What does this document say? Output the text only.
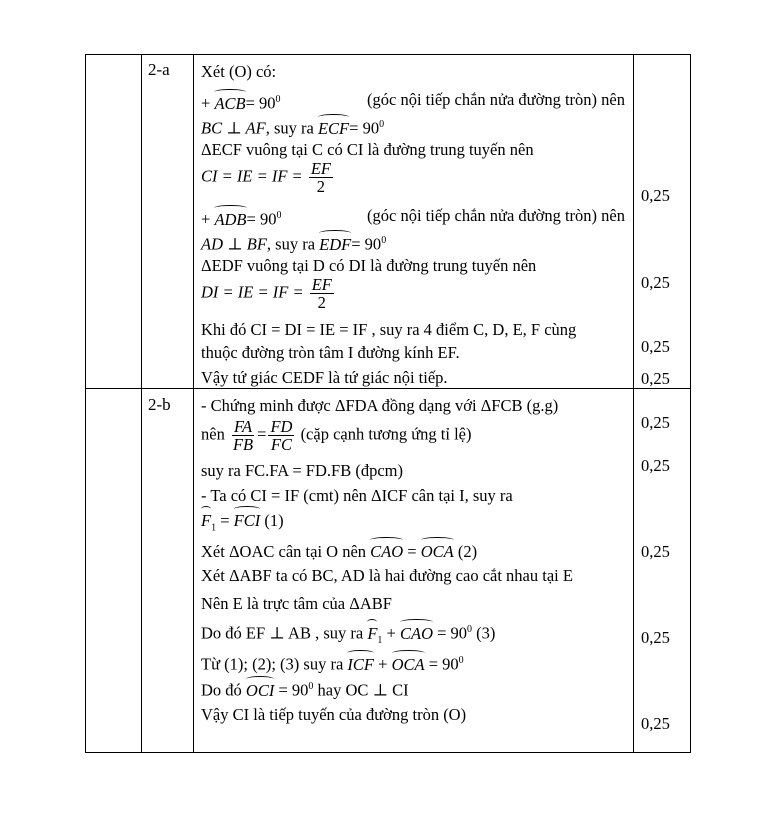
2-a Xét (O) có:
+ $ACB= 90^0$	(góc nội tiếp chắn nửa đường tròn) nên
BC ⊥ AF, suy ra $ECF= 90^0$
ΔECF vuông tại C có CI là đường trung tuyến nên
CI = IE = IF = $\frac{EF}{2}$
+ $ADB= 90^0$	(góc nội tiếp chắn nửa đường tròn) nên
AD ⊥ BF, suy ra $EDF= 90^0$
ΔEDF vuông tại D có DI là đường trung tuyến nên
DI = IE = IF = $\frac{EF}{2}$
Khi đó CI = DI = IE = IF , suy ra 4 điểm C, D, E, F cùng
thuộc đường tròn tâm I đường kính EF.
Vậy tứ giác CEDF là tứ giác nội tiếp.
0,25
0,25
0,25
0,25
2-b - Chứng minh được ΔFDA đồng dạng với ΔFCB (g.g)
nên $\frac{FA}{FB} = \frac{FD}{FC}$ (cặp cạnh tương ứng tỉ lệ)
suy ra FC.FA = FD.FB (đpcm)
- Ta có CI = IF (cmt) nên ΔICF cân tại I, suy ra
$F_1$ = FCI (1)
Xét ΔOAC cân tại O nên CAO = OCA (2)
Xét ΔABF ta có BC, AD là hai đường cao cắt nhau tại E
Nên E là trực tâm của ΔABF
Do đó EF ⊥ AB , suy ra $F_1$ + CAO = $90^0$ (3)
Từ (1); (2); (3) suy ra ICF + OCA = $90^0$
Do đó OCI = $90^0$ hay OC ⊥ CI
Vậy CI là tiếp tuyến của đường tròn (O)
0,25
0,25
0,25
0,25
0,25
